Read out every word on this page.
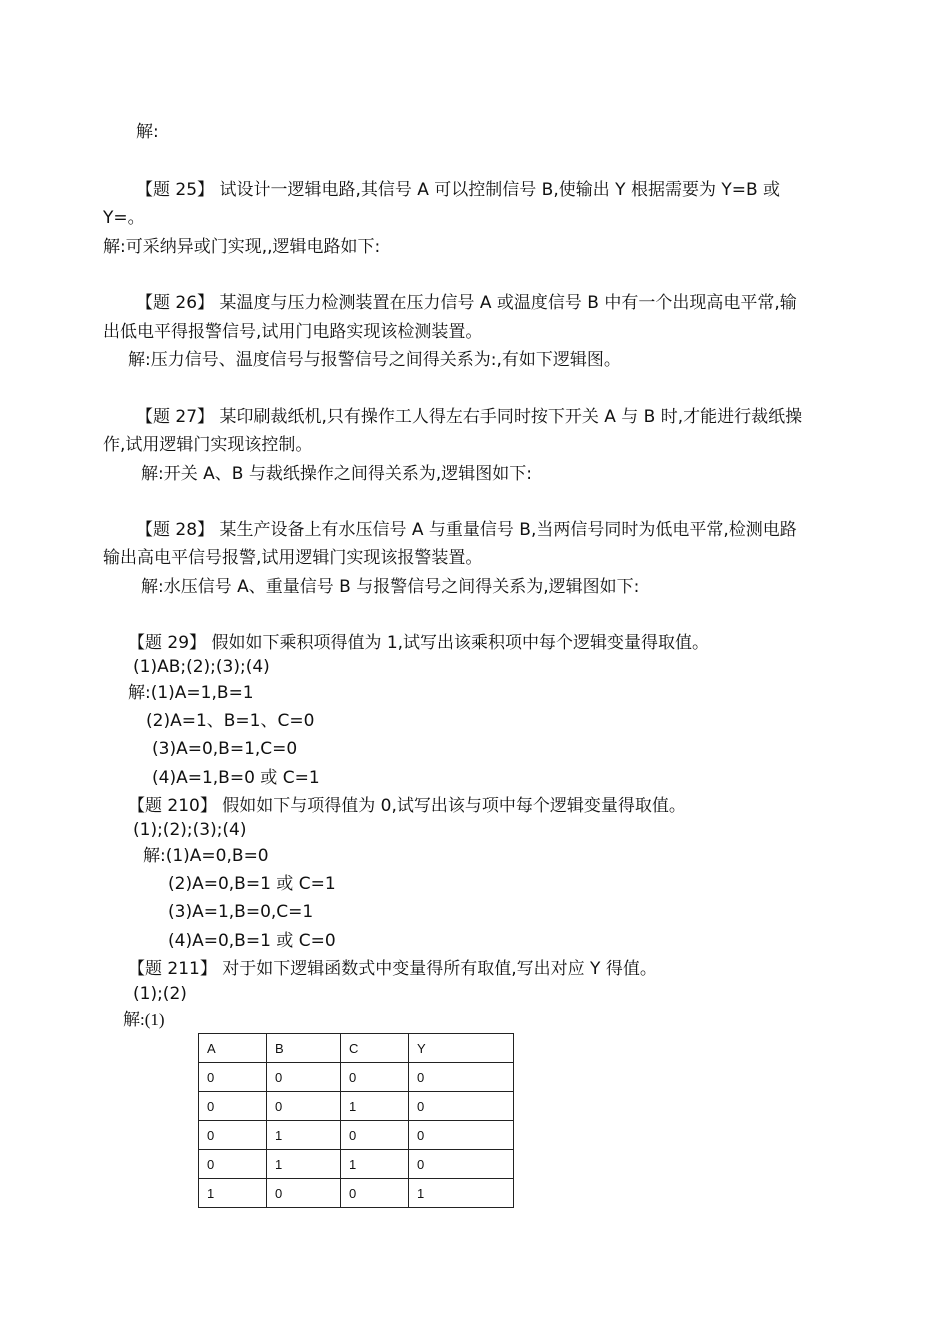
解:
【题 25】 试设计一逻辑电路,其信号 A 可以控制信号 B,使输出 Y 根据需要为 Y=B 或
Y=。
解:可采纳异或门实现,,逻辑电路如下:
【题 26】 某温度与压力检测装置在压力信号 A 或温度信号 B 中有一个出现高电平常,输
出低电平得报警信号,试用门电路实现该检测装置。
解:压力信号、温度信号与报警信号之间得关系为:,有如下逻辑图。
【题 27】 某印刷裁纸机,只有操作工人得左右手同时按下开关 A 与 B 时,才能进行裁纸操
作,试用逻辑门实现该控制。
解:开关 A、B 与裁纸操作之间得关系为,逻辑图如下:
【题 28】 某生产设备上有水压信号 A 与重量信号 B,当两信号同时为低电平常,检测电路
输出高电平信号报警,试用逻辑门实现该报警装置。
解:水压信号 A、重量信号 B 与报警信号之间得关系为,逻辑图如下:
【题 29】 假如如下乘积项得值为 1,试写出该乘积项中每个逻辑变量得取值。
(1)AB;(2);(3);(4)
解:(1)A=1,B=1
(2)A=1、B=1、C=0
(3)A=0,B=1,C=0
(4)A=1,B=0 或 C=1
【题 210】 假如如下与项得值为 0,试写出该与项中每个逻辑变量得取值。
(1);(2);(3);(4)
解:(1)A=0,B=0
(2)A=0,B=1 或 C=1
(3)A=1,B=0,C=1
(4)A=0,B=1 或 C=0
【题 211】 对于如下逻辑函数式中变量得所有取值,写出对应 Y 得值。
(1);(2)
解:(1)
A	B	C	Y
0	0	0	0
0	0	1	0
0	1	0	0
0	1	1	0
1	0	0	1
